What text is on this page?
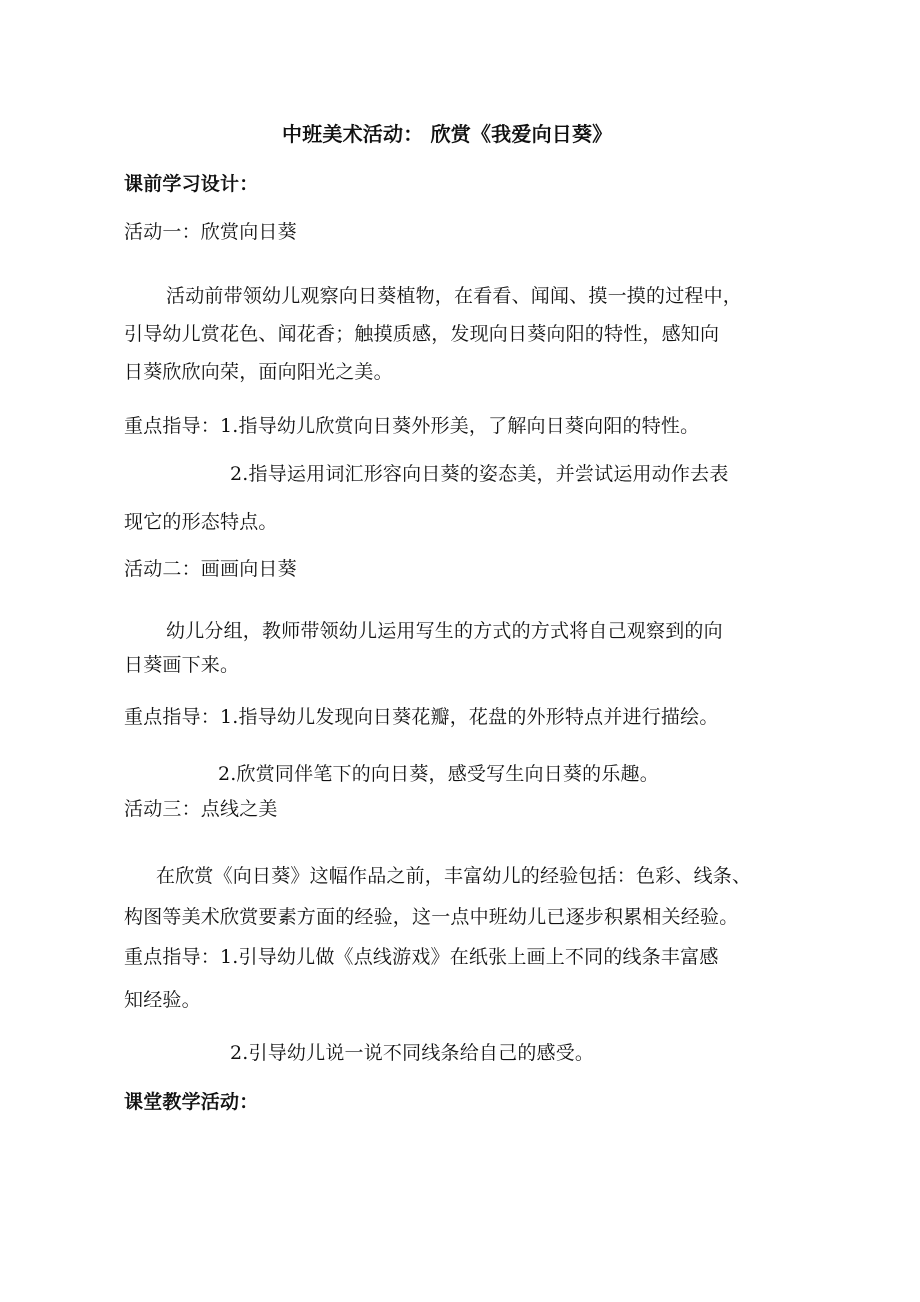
中班美术活动： 欣赏《我爱向日葵》
课前学习设计：
活动一：欣赏向日葵
活动前带领幼儿观察向日葵植物，在看看、闻闻、摸一摸的过程中，
引导幼儿赏花色、闻花香；触摸质感，发现向日葵向阳的特性，感知向
日葵欣欣向荣，面向阳光之美。
重点指导：1.指导幼儿欣赏向日葵外形美，了解向日葵向阳的特性。
2.指导运用词汇形容向日葵的姿态美，并尝试运用动作去表
现它的形态特点。
活动二：画画向日葵
幼儿分组，教师带领幼儿运用写生的方式的方式将自己观察到的向
日葵画下来。
重点指导：1.指导幼儿发现向日葵花瓣，花盘的外形特点并进行描绘。
2.欣赏同伴笔下的向日葵，感受写生向日葵的乐趣。
活动三：点线之美
在欣赏《向日葵》这幅作品之前，丰富幼儿的经验包括：色彩、线条、
构图等美术欣赏要素方面的经验，这一点中班幼儿已逐步积累相关经验。
重点指导：1.引导幼儿做《点线游戏》在纸张上画上不同的线条丰富感
知经验。
2.引导幼儿说一说不同线条给自己的感受。
课堂教学活动：
